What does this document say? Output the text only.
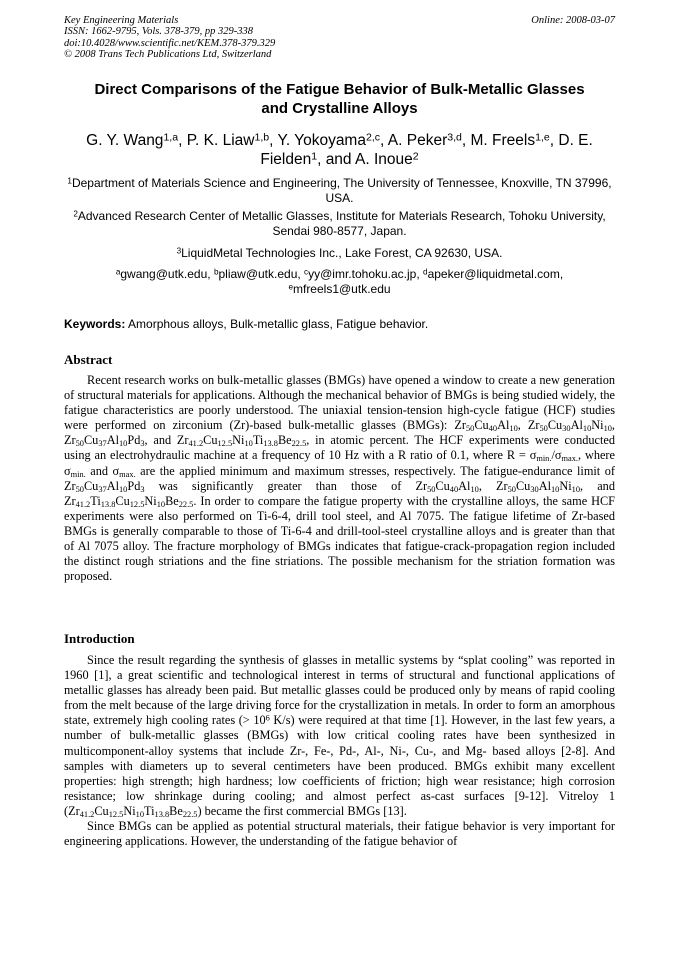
Key Engineering Materials
ISSN: 1662-9795, Vols. 378-379, pp 329-338
doi:10.4028/www.scientific.net/KEM.378-379.329
© 2008 Trans Tech Publications Ltd, Switzerland
Online: 2008-03-07
Direct Comparisons of the Fatigue Behavior of Bulk-Metallic Glasses
and Crystalline Alloys
G. Y. Wang$^{1,a}$, P. K. Liaw$^{1,b}$, Y. Yokoyama$^{2,c}$, A. Peker$^{3,d}$, M. Freels$^{1,e}$, D. E. Fielden$^1$, and A. Inoue$^2$
$^1$Department of Materials Science and Engineering, The University of Tennessee, Knoxville, TN 37996, USA.
$^2$Advanced Research Center of Metallic Glasses, Institute for Materials Research, Tohoku University, Sendai 980-8577, Japan.
$^3$LiquidMetal Technologies Inc., Lake Forest, CA 92630, USA.
$^a$gwang@utk.edu, $^b$pliaw@utk.edu, $^c$yy@imr.tohoku.ac.jp, $^d$apeker@liquidmetal.com, $^e$mfreels1@utk.edu
Keywords: Amorphous alloys, Bulk-metallic glass, Fatigue behavior.
Abstract

Recent research works on bulk-metallic glasses (BMGs) have opened a window to create a new generation of structural materials for applications. Although the mechanical behavior of BMGs is being studied widely, the fatigue characteristics are poorly understood. The uniaxial tension-tension high-cycle fatigue (HCF) studies were performed on zirconium (Zr)-based bulk-metallic glasses (BMGs): $Zr_{50}Cu_{40}Al_{10}$, $Zr_{50}Cu_{30}Al_{10}Ni_{10}$, $Zr_{50}Cu_{37}Al_{10}Pd_3$, and $Zr_{41.2}Cu_{12.5}Ni_{10}Ti_{13.8}Be_{22.5}$, in atomic percent. The HCF experiments were conducted using an electrohydraulic machine at a frequency of 10 Hz with a R ratio of 0.1, where $R = \sigma_{min.}/\sigma_{max.}$, where $\sigma_{min.}$ and $\sigma_{max.}$ are the applied minimum and maximum stresses, respectively. The fatigue-endurance limit of $Zr_{50}Cu_{37}Al_{10}Pd_3$ was significantly greater than those of $Zr_{50}Cu_{40}Al_{10}$, $Zr_{50}Cu_{30}Al_{10}Ni_{10}$, and $Zr_{41.2}Ti_{13.8}Cu_{12.5}Ni_{10}Be_{22.5}$. In order to compare the fatigue property with the crystalline alloys, the same HCF experiments were also performed on Ti-6-4, drill tool steel, and Al 7075. The fatigue lifetime of Zr-based BMGs is generally comparable to those of Ti-6-4 and drill-tool-steel crystalline alloys and is greater than that of Al 7075 alloy. The fracture morphology of BMGs indicates that fatigue-crack-propagation region included the distinct rough striations and the fine striations. The possible mechanism for the striation formation was proposed.

Introduction

Since the result regarding the synthesis of glasses in metallic systems by “splat cooling” was reported in 1960 [1], a great scientific and technological interest in terms of structural and functional applications of metallic glasses has already been paid. But metallic glasses could be produced only by means of rapid cooling from the melt because of the large driving force for the crystallization in metals. In order to form an amorphous state, extremely high cooling rates (> $10^6$ K/s) were required at that time [1]. However, in the last few years, a number of bulk-metallic glasses (BMGs) with low critical cooling rates have been synthesized in multicomponent-alloy systems that include Zr-, Fe-, Pd-, Al-, Ni-, Cu-, and Mg- based alloys [2-8]. And samples with diameters up to several centimeters have been produced. BMGs exhibit many excellent properties: high strength; high hardness; low coefficients of friction; high wear resistance; high corrosion resistance; low shrinkage during cooling; and almost perfect as-cast surfaces [9-12]. Vitreloy 1 $(Zr_{41.2}Cu_{12.5}Ni_{10}Ti_{13.8}Be_{22.5})$ became the first commercial BMGs [13].

Since BMGs can be applied as potential structural materials, their fatigue behavior is very important for engineering applications. However, the understanding of the fatigue behavior of
